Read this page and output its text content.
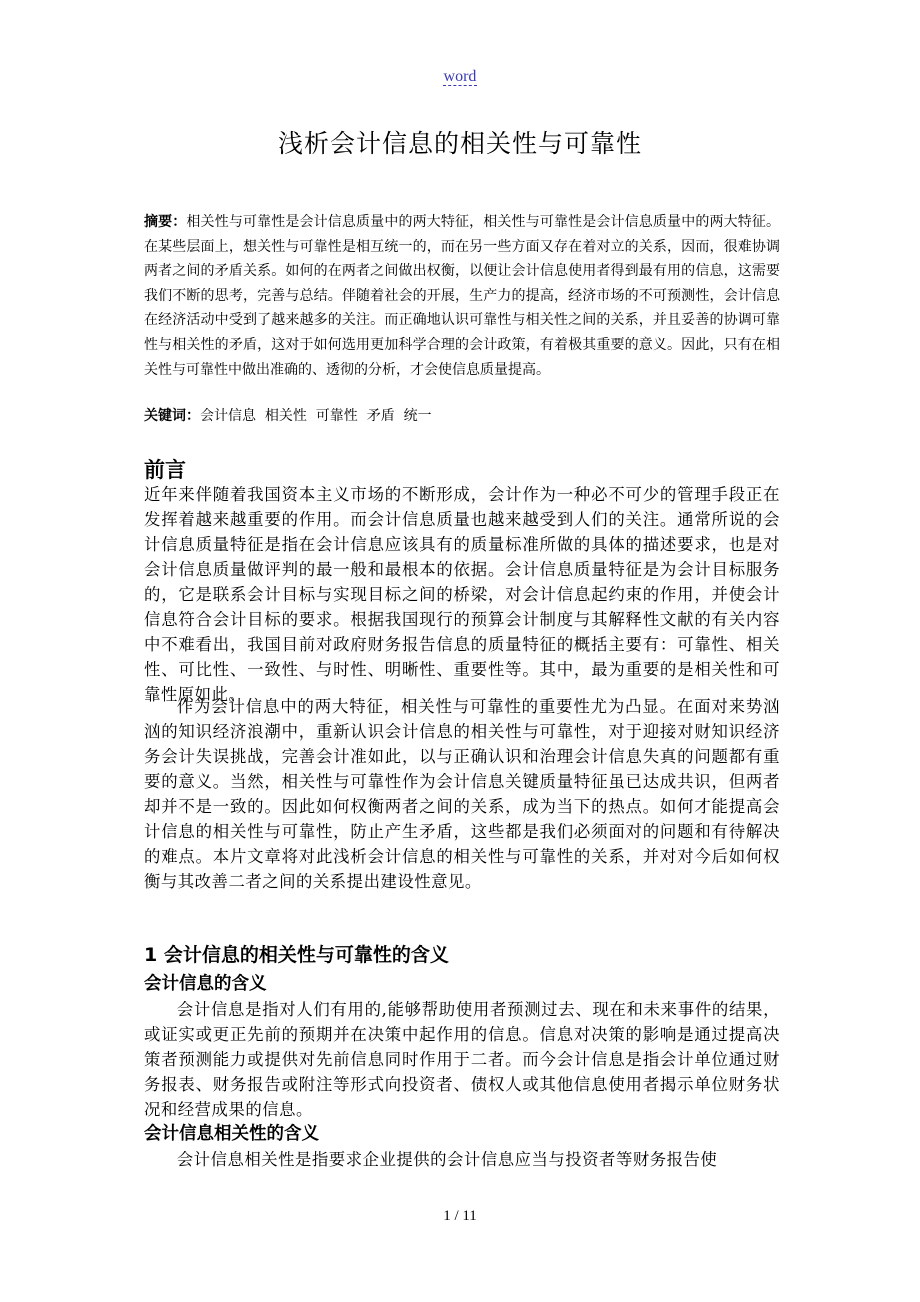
word
浅析会计信息的相关性与可靠性

摘要：相关性与可靠性是会计信息质量中的两大特征，相关性与可靠性是会计信息质量中的两大特征。在某些层面上，想关性与可靠性是相互统一的，而在另一些方面又存在着对立的关系，因而，很难协调两者之间的矛盾关系。如何的在两者之间做出权衡，以便让会计信息使用者得到最有用的信息，这需要我们不断的思考，完善与总结。伴随着社会的开展，生产力的提高，经济市场的不可预测性，会计信息在经济活动中受到了越来越多的关注。而正确地认识可靠性与相关性之间的关系，并且妥善的协调可靠性与相关性的矛盾，这对于如何选用更加科学合理的会计政策，有着极其重要的意义。因此，只有在相关性与可靠性中做出准确的、透彻的分析，才会使信息质量提高。

关键词：会计信息  相关性  可靠性  矛盾  统一

前言

近年来伴随着我国资本主义市场的不断形成，会计作为一种必不可少的管理手段正在发挥着越来越重要的作用。而会计信息质量也越来越受到人们的关注。通常所说的会计信息质量特征是指在会计信息应该具有的质量标准所做的具体的描述要求，也是对会计信息质量做评判的最一般和最根本的依据。会计信息质量特征是为会计目标服务的，它是联系会计目标与实现目标之间的桥梁，对会计信息起约束的作用，并使会计信息符合会计目标的要求。根据我国现行的预算会计制度与其解释性文献的有关内容中不难看出，我国目前对政府财务报告信息的质量特征的概括主要有：可靠性、相关性、可比性、一致性、与时性、明晰性、重要性等。其中，最为重要的是相关性和可靠性原如此。

作为会计信息中的两大特征，相关性与可靠性的重要性尤为凸显。在面对来势汹汹的知识经济浪潮中，重新认识会计信息的相关性与可靠性，对于迎接对财知识经济务会计失误挑战，完善会计准如此，以与正确认识和治理会计信息失真的问题都有重要的意义。当然，相关性与可靠性作为会计信息关键质量特征虽已达成共识，但两者却并不是一致的。因此如何权衡两者之间的关系，成为当下的热点。如何才能提高会计信息的相关性与可靠性，防止产生矛盾，这些都是我们必须面对的问题和有待解决的难点。本片文章将对此浅析会计信息的相关性与可靠性的关系，并对对今后如何权衡与其改善二者之间的关系提出建设性意见。

1 会计信息的相关性与可靠性的含义
会计信息的含义

会计信息是指对人们有用的,能够帮助使用者预测过去、现在和未来事件的结果，或证实或更正先前的预期并在决策中起作用的信息。信息对决策的影响是通过提高决策者预测能力或提供对先前信息同时作用于二者。而今会计信息是指会计单位通过财务报表、财务报告或附注等形式向投资者、债权人或其他信息使用者揭示单位财务状况和经营成果的信息。

会计信息相关性的含义

会计信息相关性是指要求企业提供的会计信息应当与投资者等财务报告使

1 / 11
